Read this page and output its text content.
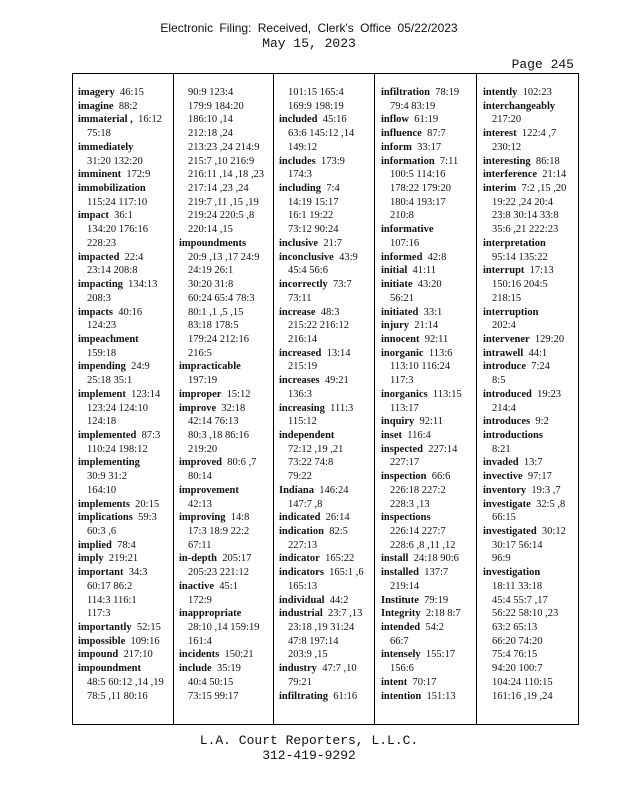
Electronic Filing: Received, Clerk's Office 05/22/2023
May 15, 2023
Page 245
imagery 46:15
imagine 88:2
immaterial , 16:12
75:18
immediately
31:20 132:20
imminent 172:9
immobilization
115:24 117:10
impact 36:1
134:20 176:16
228:23
impacted 22:4
23:14 208:8
impacting 134:13
208:3
impacts 40:16
124:23
impeachment
159:18
impending 24:9
25:18 35:1
implement 123:14
123:24 124:10
124:18
implemented 87:3
110:24 198:12
implementing
30:9 31:2
164:10
implements 20:15
implications 59:3
60:3 ,6
implied 78:4
imply 219:21
important 34:3
60:17 86:2
114:3 116:1
117:3
importantly 52:15
impossible 109:16
impound 217:10
impoundment
48:5 60:12 ,14 ,19
78:5 ,11 80:16
90:9 123:4
179:9 184:20
186:10 ,14
212:18 ,24
213:23 ,24 214:9
215:7 ,10 216:9
216:11 ,14 ,18 ,23
217:14 ,23 ,24
219:7 ,11 ,15 ,19
219:24 220:5 ,8
220:14 ,15
impoundments
20:9 ,13 ,17 24:9
24:19 26:1
30:20 31:8
60:24 65:4 78:3
80:1 ,1 ,5 ,15
83:18 178:5
179:24 212:16
216:5
impracticable
197:19
improper 15:12
improve 32:18
42:14 76:13
80:3 ,18 86:16
219:20
improved 80:6 ,7
80:14
improvement
42:13
improving 14:8
17:3 18:9 22:2
67:11
in-depth 205:17
205:23 221:12
inactive 45:1
172:9
inappropriate
28:10 ,14 159:19
161:4
incidents 150:21
include 35:19
40:4 50:15
73:15 99:17
101:15 165:4
169:9 198:19
included 45:16
63:6 145:12 ,14
149:12
includes 173:9
174:3
including 7:4
14:19 15:17
16:1 19:22
73:12 90:24
inclusive 21:7
inconclusive 43:9
45:4 56:6
incorrectly 73:7
73:11
increase 48:3
215:22 216:12
216:14
increased 13:14
215:19
increases 49:21
136:3
increasing 111:3
115:12
independent
72:12 ,19 ,21
73:22 74:8
79:22
Indiana 146:24
147:7 ,8
indicated 26:14
indication 82:5
227:13
indicator 165:22
indicators 165:1 ,6
165:13
individual 44:2
industrial 23:7 ,13
23:18 ,19 31:24
47:8 197:14
203:9 ,15
industry 47:7 ,10
79:21
infiltrating 61:16
infiltration 78:19
79:4 83:19
inflow 61:19
influence 87:7
inform 33:17
information 7:11
100:5 114:16
178:22 179:20
180:4 193:17
210:8
informative
107:16
informed 42:8
initial 41:11
initiate 43:20
56:21
initiated 33:1
injury 21:14
innocent 92:11
inorganic 113:6
113:10 116:24
117:3
inorganics 113:15
113:17
inquiry 92:11
inset 116:4
inspected 227:14
227:17
inspection 66:6
226:18 227:2
228:3 ,13
inspections
226:14 227:7
228:6 ,8 ,11 ,12
install 24:18 90:6
installed 137:7
219:14
Institute 79:19
Integrity 2:18 8:7
intended 54:2
66:7
intensely 155:17
156:6
intent 70:17
intention 151:13
intently 102:23
interchangeably
217:20
interest 122:4 ,7
230:12
interesting 86:18
interference 21:14
interim 7:2 ,15 ,20
19:22 ,24 20:4
23:8 30:14 33:8
35:6 ,21 222:23
interpretation
95:14 135:22
interrupt 17:13
150:16 204:5
218:15
interruption
202:4
intervener 129:20
intrawell 44:1
introduce 7:24
8:5
introduced 19:23
214:4
introduces 9:2
introductions
8:21
invaded 13:7
invective 97:17
inventory 19:3 ,7
investigate 32:5 ,8
66:15
investigated 30:12
30:17 56:14
96:9
investigation
18:11 33:18
45:4 55:7 ,17
56:22 58:10 ,23
63:2 65:13
66:20 74:20
75:4 76:15
94:20 100:7
104:24 110:15
161:16 ,19 ,24
L.A. Court Reporters, L.L.C.
312-419-9292
